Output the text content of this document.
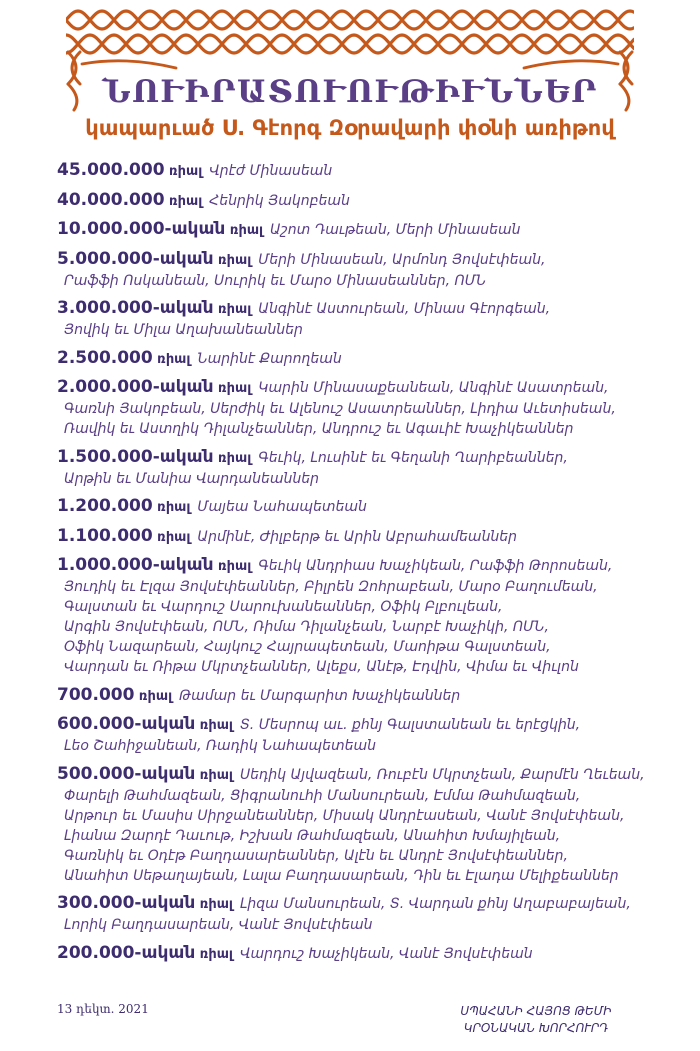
ՆՈՒԻՐԱՏՈՒՈՒԹԻՒՆՆԵՐ
կապարւած Ս. Գէորգ Զօրավարի փօնի առիթով
45.000.000 ռիալ Վրէժ Մինասեան
40.000.000 ռիալ Հենրիկ Յակոբեան
10.000.000-ական ռիալ Աշոտ Դաւթեան, Մերի Մինասեան
5.000.000-ական ռիալ Մերի Մինասեան, Արմոնդ Յովսէփեան,
Րաֆֆի Ոսկանեան, Սուրիկ եւ Մարօ Մինասեաններ, ՈՄՆ
3.000.000-ական ռիալ Անգինէ Աստուրեան, Մինաս Գէորգեան,
Յովիկ եւ Միլա Աղախանեաններ
2.500.000 ռիալ Նարինէ Քարողեան
2.000.000-ական ռիալ Կարին Մինասաքեանեան, Անգինէ Ասատրեան,
Գառնի Յակոբեան, Սերժիկ եւ Ալենուշ Ասատրեաններ, Լիդիա Աւետիսեան,
Ռավիկ եւ Աստղիկ Դիլանչեաններ, Անդրուշ եւ Ագաւիէ Խաչիկեաններ
1.500.000-ական ռիալ Գեւիկ, Լուսինէ եւ Գեղանի Ղարիբեաններ,
Արթին եւ Մանիա Վարդանեաններ
1.200.000 ռիալ Մայեա Նահապետեան
1.100.000 ռիալ Արմինէ, Ժիլբերթ եւ Արին Աբրահամեաններ
1.000.000-ական ռիալ Գեւիկ Անդրիաս Խաչիկեան, Րաֆֆի Թորոսեան,
Յուդիկ եւ Էլզա Յովսէփեաններ, Բիլրեն Զոհրաբեան, Մարօ Բաղումեան,
Գալստան եւ Վարդուշ Սարուխանեաններ, Օֆիկ Բլբուլեան,
Արգին Յովսէփեան, ՈՄՆ, Ռիմա Դիլանչեան, Նարբէ Խաչիկի, ՈՄՆ,
Օֆիկ Նազարեան, Հայկուշ Հայրապետեան, Մաոիթա Գալստեան,
Վարդան եւ Ռիթա Մկրտչեաններ, Ալեքս, Անէթ, Էդվին, Վիմա եւ Վիւլոն
700.000 ռիալ Թամար եւ Մարգարիտ Խաչիկեաններ
600.000-ական ռիալ Տ. Մեսրոպ աւ. քհնյ Գալստանեան եւ երէցկին,
Լեօ Շահիջանեան, Ռադիկ Նահապետեան
500.000-ական ռիալ Սեդիկ Այվազեան, Ռուբէն Մկրտչեան, Քարմէն Ղեւեան,
Փարելի Թահմազեան, Ցիգրանուհի Մանսուրեան, Էմմա Թահմազեան,
Արթուր եւ Մասիս Սիրջանեաններ, Միսակ Անդրէասեան, Վանէ Յովսէփեան,
Լիանա Զարդէ Դաւութ, Իշխան Թահմազեան, Անահիտ Խմայիլեան,
Գառնիկ եւ Օդէթ Բաղդասարեաններ, Ալէն եւ Անդրէ Յովսէփեաններ,
Անահիտ Սեթաղայեան, Լալա Բաղդասարեան, Դին եւ Էլադա Մելիքեաններ
300.000-ական ռիալ Լիզա Մանսուրեան, Տ. Վարդան քհնյ Աղաբաբայեան,
Լորիկ Բաղդասարեան, Վանէ Յովսէփեան
200.000-ական ռիալ Վարդուշ Խաչիկեան, Վանէ Յովսէփեան
13 դեկտ. 2021	ՍՊԱՀԱՆԻ ՀԱՅՈՑ ԹԵՄԻ
ԿՐՕՆԱԿԱՆ ԽՈՐՀՈՒՐԴ
